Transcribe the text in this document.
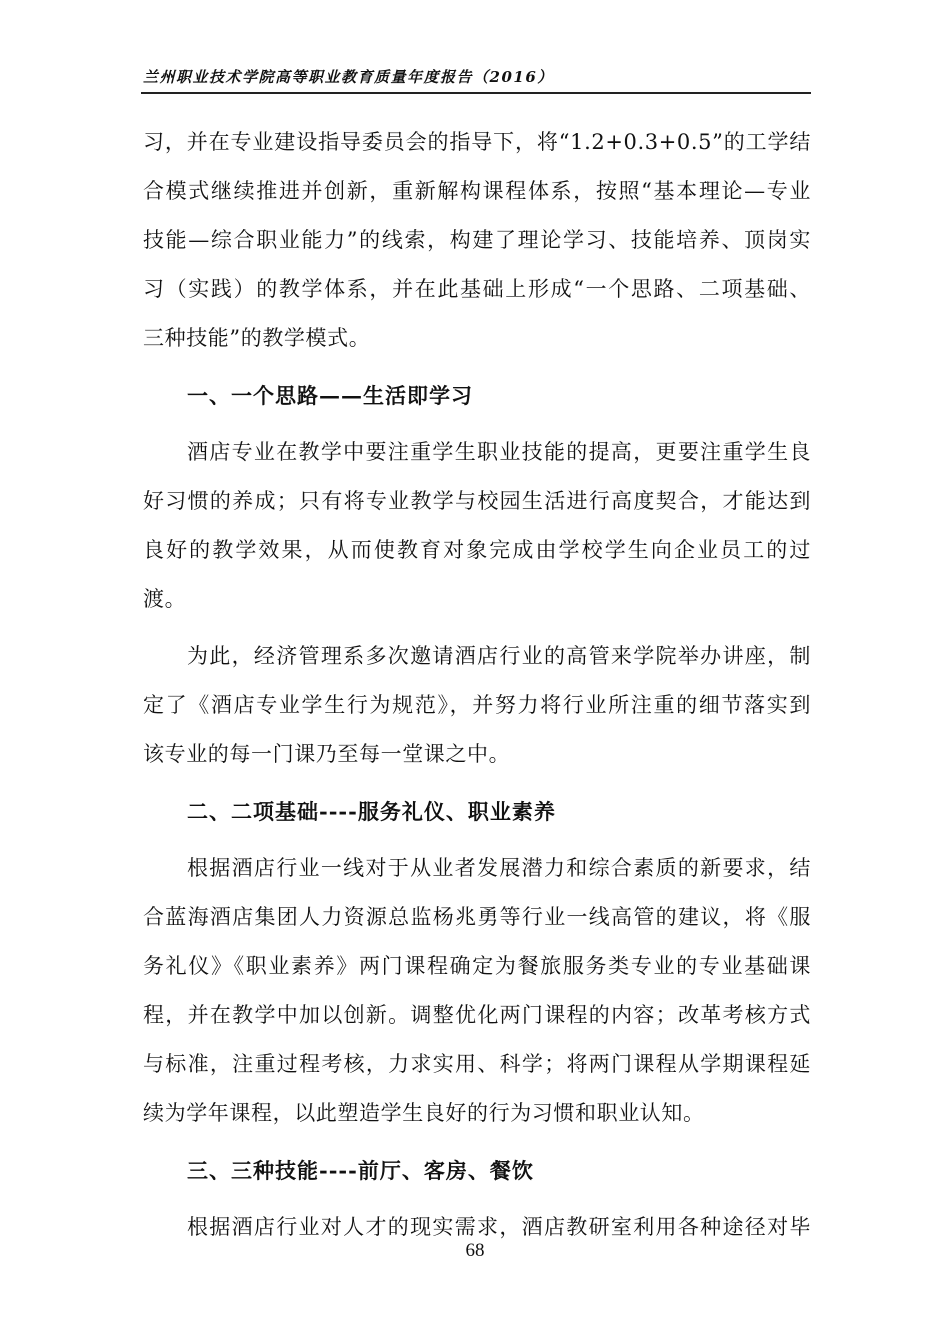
兰州职业技术学院高等职业教育质量年度报告（2016）
习，并在专业建设指导委员会的指导下，将“1.2+0.3+0.5”的工学结
合模式继续推进并创新，重新解构课程体系，按照“基本理论—专业
技能—综合职业能力”的线索，构建了理论学习、技能培养、顶岗实
习（实践）的教学体系，并在此基础上形成“一个思路、二项基础、
三种技能”的教学模式。
一、一个思路——生活即学习
酒店专业在教学中要注重学生职业技能的提高，更要注重学生良
好习惯的养成；只有将专业教学与校园生活进行高度契合，才能达到
良好的教学效果，从而使教育对象完成由学校学生向企业员工的过
渡。
为此，经济管理系多次邀请酒店行业的高管来学院举办讲座，制
定了《酒店专业学生行为规范》，并努力将行业所注重的细节落实到
该专业的每一门课乃至每一堂课之中。
二、二项基础----服务礼仪、职业素养
根据酒店行业一线对于从业者发展潜力和综合素质的新要求，结
合蓝海酒店集团人力资源总监杨兆勇等行业一线高管的建议，将《服
务礼仪》《职业素养》两门课程确定为餐旅服务类专业的专业基础课
程，并在教学中加以创新。调整优化两门课程的内容；改革考核方式
与标准，注重过程考核，力求实用、科学；将两门课程从学期课程延
续为学年课程，以此塑造学生良好的行为习惯和职业认知。
三、三种技能----前厅、客房、餐饮
根据酒店行业对人才的现实需求，酒店教研室利用各种途径对毕
68
